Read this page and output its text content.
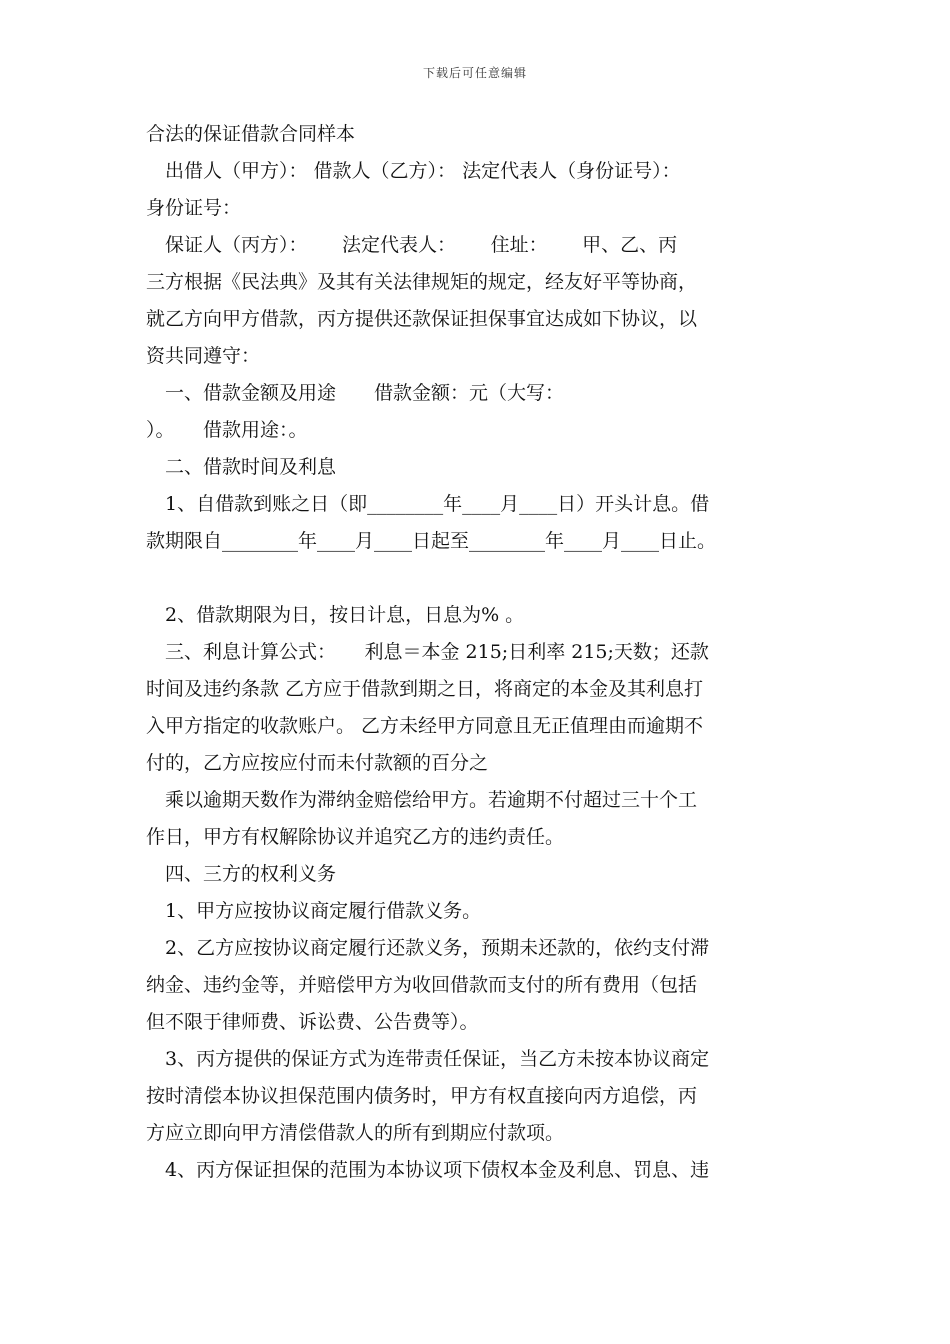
下载后可任意编辑
合法的保证借款合同样本
出借人（甲方）： 借款人（乙方）： 法定代表人（身份证号）：
身份证号：
保证人（丙方）：　　 法定代表人：　　 住址：　　 甲、乙、丙
三方根据《民法典》及其有关法律规矩的规定，经友好平等协商，
就乙方向甲方借款，丙方提供还款保证担保事宜达成如下协议，以
资共同遵守：
一、借款金额及用途　　借款金额：元（大写：
）。　　借款用途：。
二、借款时间及利息
1、自借款到账之日（即________年____月____日）开头计息。借
款期限自________年____月____日起至________年____月____日止。
2、借款期限为日，按日计息，日息为% 。
三、利息计算公式：　　利息＝本金 215;日利率 215;天数；还款
时间及违约条款 乙方应于借款到期之日，将商定的本金及其利息打
入甲方指定的收款账户。 乙方未经甲方同意且无正值理由而逾期不
付的，乙方应按应付而未付款额的百分之
乘以逾期天数作为滞纳金赔偿给甲方。若逾期不付超过三十个工
作日，甲方有权解除协议并追究乙方的违约责任。
四、三方的权利义务
1、甲方应按协议商定履行借款义务。
2、乙方应按协议商定履行还款义务，预期未还款的，依约支付滞
纳金、违约金等，并赔偿甲方为收回借款而支付的所有费用（包括
但不限于律师费、诉讼费、公告费等）。
3、丙方提供的保证方式为连带责任保证，当乙方未按本协议商定
按时清偿本协议担保范围内债务时，甲方有权直接向丙方追偿，丙
方应立即向甲方清偿借款人的所有到期应付款项。
4、丙方保证担保的范围为本协议项下债权本金及利息、罚息、违
